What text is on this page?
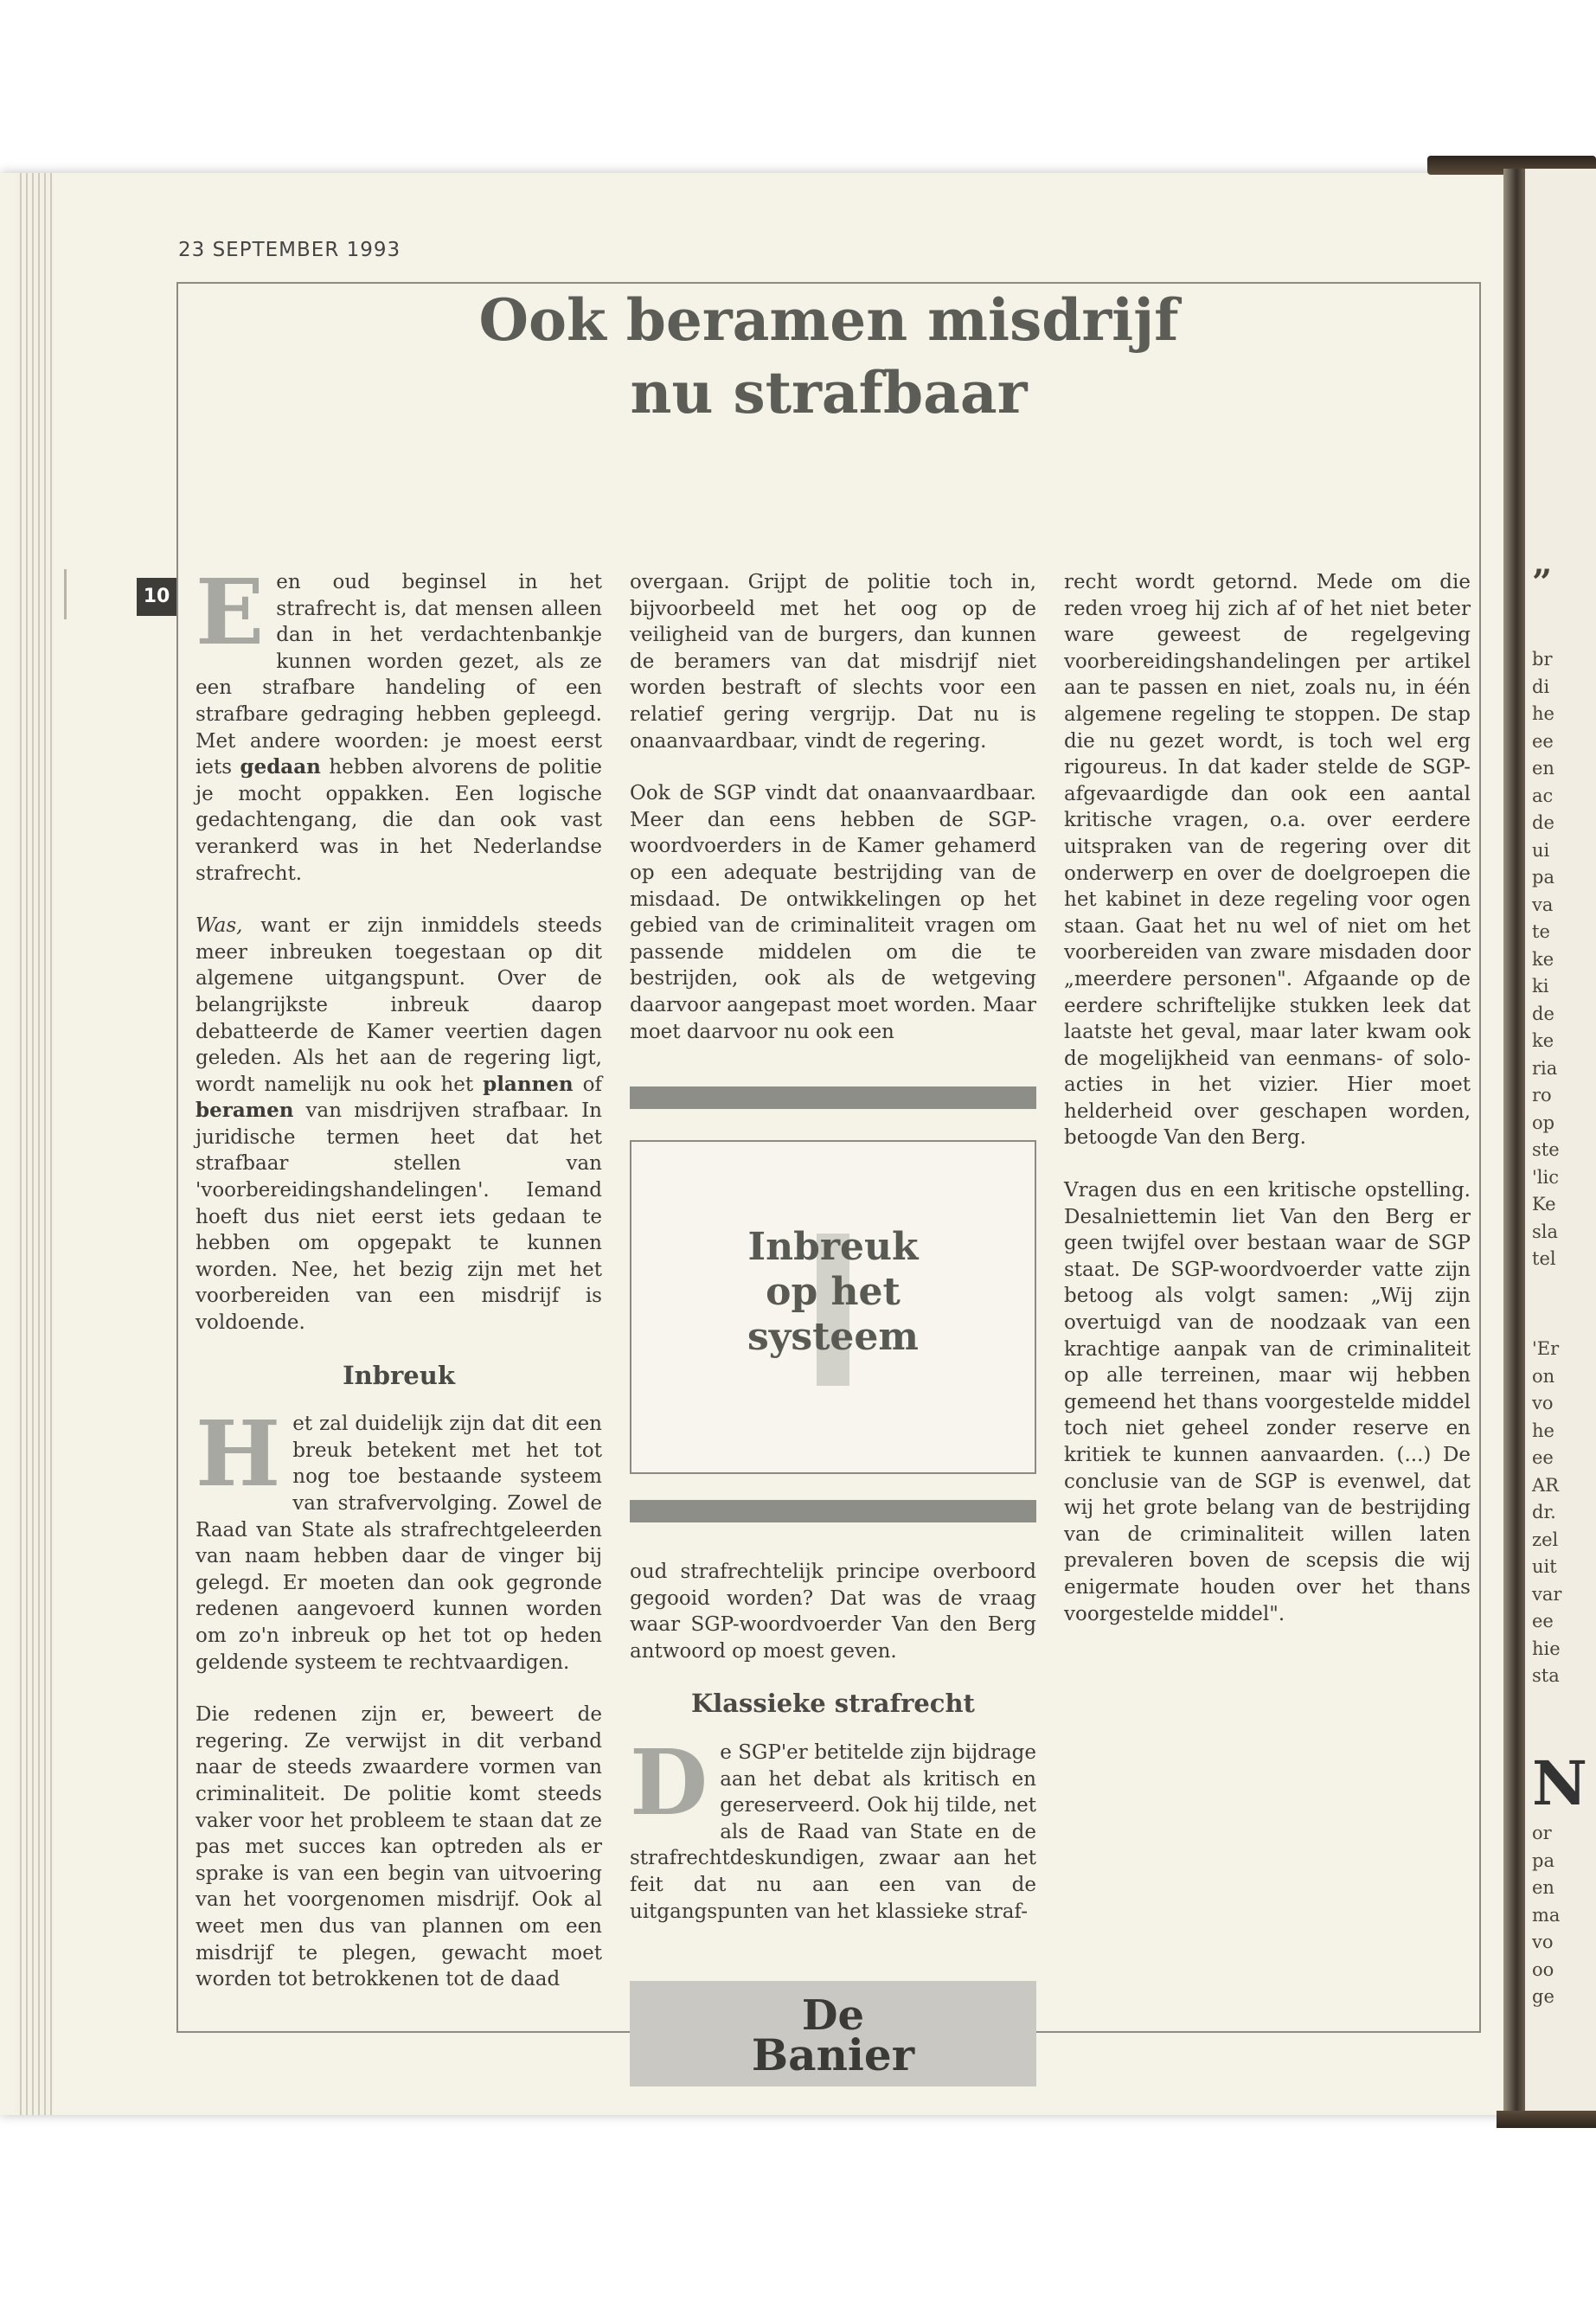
”
br
di
he
ee
en
ac
de
ui
pa
va
te
ke
ki
de
ke
ria
ro
op
ste
'lic
Ke
sla
tel
'Er
on
vo
he
ee
AR
dr.
zel
uit
var
ee
hie
sta
N
or
pa
en
ma
vo
oo
ge
23 SEPTEMBER 1993
Ook beramen misdrijf
nu strafbaar
10 E en oud beginsel in het strafrecht is, dat mensen alleen dan in het verdachtenbankje kunnen worden gezet, als ze een strafbare handeling of een strafbare gedraging hebben gepleegd. Met andere woorden: je moest eerst iets gedaan hebben alvorens de politie je mocht oppakken. Een logische gedachtengang, die dan ook vast verankerd was in het Nederlandse strafrecht.

Was, want er zijn inmiddels steeds meer inbreuken toegestaan op dit algemene uitgangspunt. Over de belangrijkste inbreuk daarop debatteerde de Kamer veertien dagen geleden. Als het aan de regering ligt, wordt namelijk nu ook het plannen of beramen van misdrijven strafbaar. In juridische termen heet dat het strafbaar stellen van 'voorbereidingshandelingen'. Iemand hoeft dus niet eerst iets gedaan te hebben om opgepakt te kunnen worden. Nee, het bezig zijn met het voorbereiden van een misdrijf is voldoende.

Inbreuk

H et zal duidelijk zijn dat dit een breuk betekent met het tot nog toe bestaande systeem van strafvervolging. Zowel de Raad van State als strafrechtgeleerden van naam hebben daar de vinger bij gelegd. Er moeten dan ook gegronde redenen aangevoerd kunnen worden om zo'n inbreuk op het tot op heden geldende systeem te rechtvaardigen.

Die redenen zijn er, beweert de regering. Ze verwijst in dit verband naar de steeds zwaardere vormen van criminaliteit. De politie komt steeds vaker voor het probleem te staan dat ze pas met succes kan optreden als er sprake is van een begin van uitvoering van het voorgenomen misdrijf. Ook al weet men dus van plannen om een misdrijf te plegen, gewacht moet worden tot betrokkenen tot de daad

overgaan. Grijpt de politie toch in, bijvoorbeeld met het oog op de veiligheid van de burgers, dan kunnen de beramers van dat misdrijf niet worden bestraft of slechts voor een relatief gering vergrijp. Dat nu is onaanvaardbaar, vindt de regering.

Ook de SGP vindt dat onaanvaardbaar. Meer dan eens hebben de SGP-woordvoerders in de Kamer gehamerd op een adequate bestrijding van de misdaad. De ontwikkelingen op het gebied van de criminaliteit vragen om passende middelen om die te bestrijden, ook als de wetgeving daarvoor aangepast moet worden. Maar moet daarvoor nu ook een

Inbreuk
op het
systeem

oud strafrechtelijk principe overboord gegooid worden? Dat was de vraag waar SGP-woordvoerder Van den Berg antwoord op moest geven.

Klassieke strafrecht

D e SGP'er betitelde zijn bijdrage aan het debat als kritisch en gereserveerd. Ook hij tilde, net als de Raad van State en de strafrechtdeskundigen, zwaar aan het feit dat nu aan een van de uitgangspunten van het klassieke straf-

De
Banier

recht wordt getornd. Mede om die reden vroeg hij zich af of het niet beter ware geweest de regelgeving voorbereidingshandelingen per artikel aan te passen en niet, zoals nu, in één algemene regeling te stoppen. De stap die nu gezet wordt, is toch wel erg rigoureus. In dat kader stelde de SGP-afgevaardigde dan ook een aantal kritische vragen, o.a. over eerdere uitspraken van de regering over dit onderwerp en over de doelgroepen die het kabinet in deze regeling voor ogen staan. Gaat het nu wel of niet om het voorbereiden van zware misdaden door „meerdere personen". Afgaande op de eerdere schriftelijke stukken leek dat laatste het geval, maar later kwam ook de mogelijkheid van eenmans- of solo-acties in het vizier. Hier moet helderheid over geschapen worden, betoogde Van den Berg.

Vragen dus en een kritische opstelling. Desalniettemin liet Van den Berg er geen twijfel over bestaan waar de SGP staat. De SGP-woordvoerder vatte zijn betoog als volgt samen: „Wij zijn overtuigd van de noodzaak van een krachtige aanpak van de criminaliteit op alle terreinen, maar wij hebben gemeend het thans voorgestelde middel toch niet geheel zonder reserve en kritiek te kunnen aanvaarden. (...) De conclusie van de SGP is evenwel, dat wij het grote belang van de bestrijding van de criminaliteit willen laten prevaleren boven de scepsis die wij enigermate houden over het thans voorgestelde middel".
